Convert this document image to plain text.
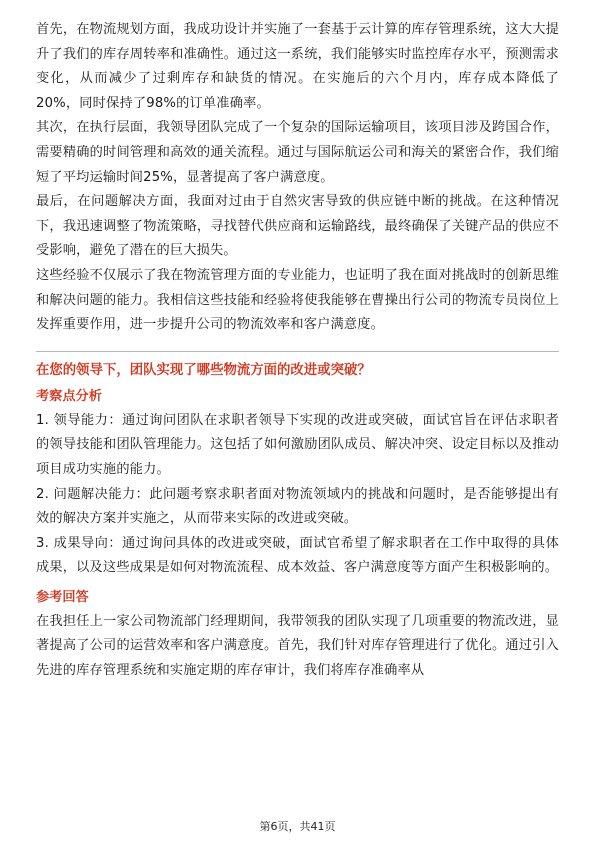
首先，在物流规划方面，我成功设计并实施了一套基于云计算的库存管理系统，这大大提升了我们的库存周转率和准确性。通过这一系统，我们能够实时监控库存水平，预测需求变化，从而减少了过剩库存和缺货的情况。在实施后的六个月内，库存成本降低了20%，同时保持了98%的订单准确率。

其次，在执行层面，我领导团队完成了一个复杂的国际运输项目，该项目涉及跨国合作，需要精确的时间管理和高效的通关流程。通过与国际航运公司和海关的紧密合作，我们缩短了平均运输时间25%，显著提高了客户满意度。

最后，在问题解决方面，我面对过由于自然灾害导致的供应链中断的挑战。在这种情况下，我迅速调整了物流策略，寻找替代供应商和运输路线，最终确保了关键产品的供应不受影响，避免了潜在的巨大损失。

这些经验不仅展示了我在物流管理方面的专业能力，也证明了我在面对挑战时的创新思维和解决问题的能力。我相信这些技能和经验将使我能够在曹操出行公司的物流专员岗位上发挥重要作用，进一步提升公司的物流效率和客户满意度。

在您的领导下，团队实现了哪些物流方面的改进或突破？

考察点分析

1. 领导能力：通过询问团队在求职者领导下实现的改进或突破，面试官旨在评估求职者的领导技能和团队管理能力。这包括了如何激励团队成员、解决冲突、设定目标以及推动项目成功实施的能力。

2. 问题解决能力：此问题考察求职者面对物流领域内的挑战和问题时，是否能够提出有效的解决方案并实施之，从而带来实际的改进或突破。

3. 成果导向：通过询问具体的改进或突破，面试官希望了解求职者在工作中取得的具体成果，以及这些成果是如何对物流流程、成本效益、客户满意度等方面产生积极影响的。

参考回答

在我担任上一家公司物流部门经理期间，我带领我的团队实现了几项重要的物流改进，显著提高了公司的运营效率和客户满意度。首先，我们针对库存管理进行了优化。通过引入先进的库存管理系统和实施定期的库存审计，我们将库存准确率从

第6页，共41页
